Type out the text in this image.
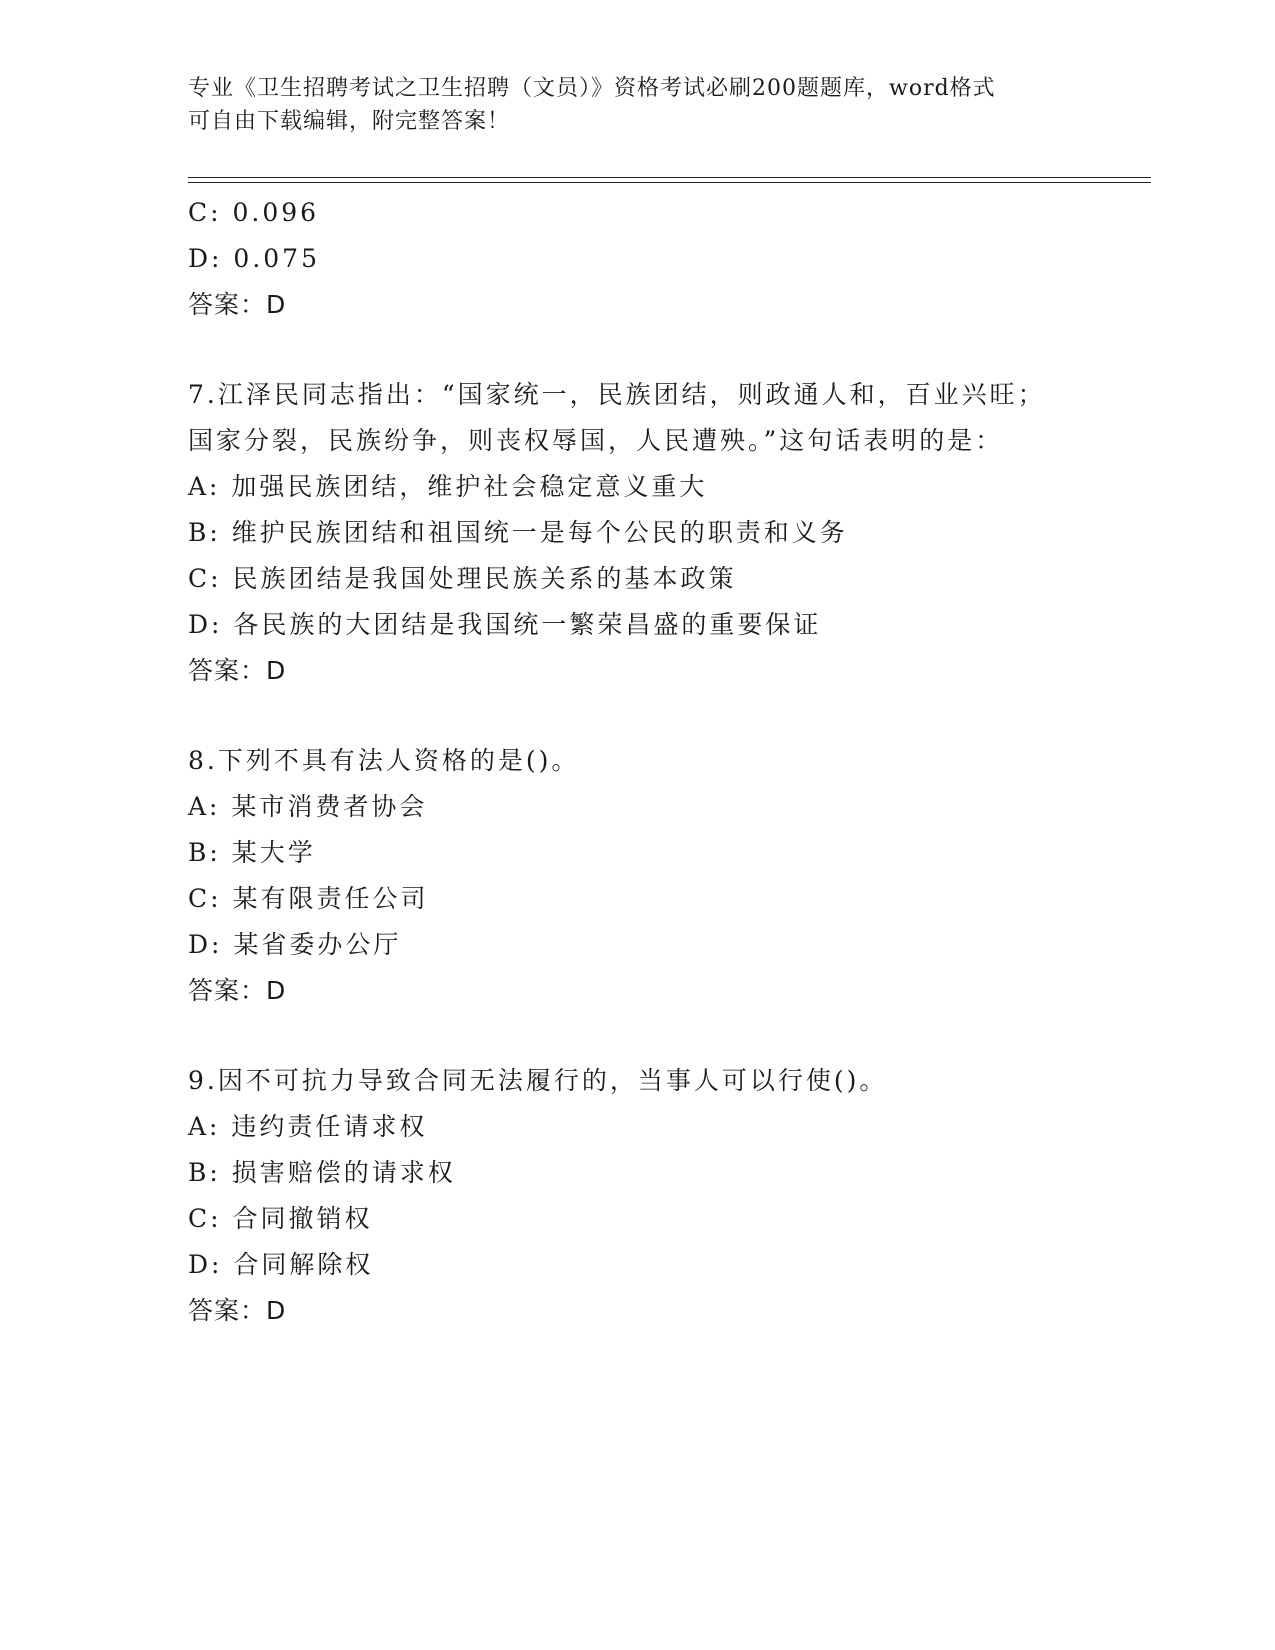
专业《卫生招聘考试之卫生招聘（文员）》资格考试必刷200题题库，word格式
可自由下载编辑，附完整答案！
C: 0.096
D: 0.075
答案：D
7.江泽民同志指出：“国家统一，民族团结，则政通人和，百业兴旺；
国家分裂，民族纷争，则丧权辱国，人民遭殃。”这句话表明的是：
A: 加强民族团结，维护社会稳定意义重大
B: 维护民族团结和祖国统一是每个公民的职责和义务
C: 民族团结是我国处理民族关系的基本政策
D: 各民族的大团结是我国统一繁荣昌盛的重要保证
答案：D
8.下列不具有法人资格的是()。
A: 某市消费者协会
B: 某大学
C: 某有限责任公司
D: 某省委办公厅
答案：D
9.因不可抗力导致合同无法履行的，当事人可以行使()。
A: 违约责任请求权
B: 损害赔偿的请求权
C: 合同撤销权
D: 合同解除权
答案：D
